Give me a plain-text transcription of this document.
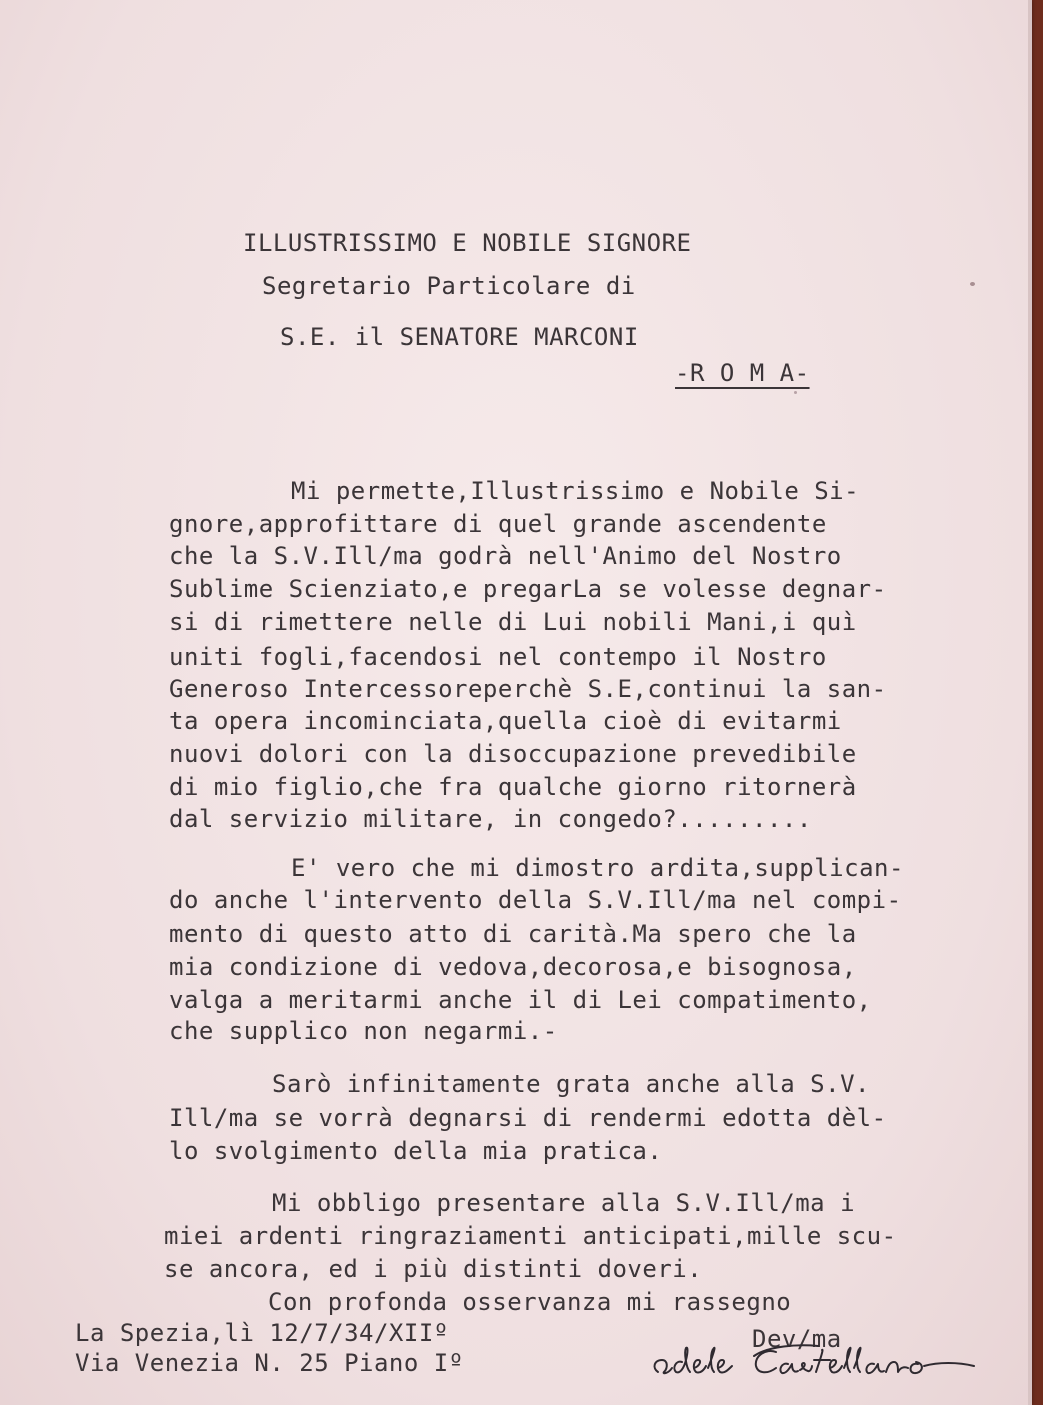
ILLUSTRISSIMO E NOBILE SIGNORE
Segretario Particolare di
S.E. il SENATORE MARCONI
-R O M A-
Mi permette,Illustrissimo e Nobile Si-
gnore,approfittare di quel grande ascendente
che la S.V.Ill/ma godrà nell'Animo del Nostro
Sublime Scienziato,e pregarLa se volesse degnar-
si di rimettere nelle di Lui nobili Mani,i quì
uniti fogli,facendosi nel contempo il Nostro
Generoso Intercessoreperchè S.E,continui la san-
ta opera incominciata,quella cioè di evitarmi
nuovi dolori con la disoccupazione prevedibile
di mio figlio,che fra qualche giorno ritornerà
dal servizio militare, in congedo?.........
E' vero che mi dimostro ardita,supplican-
do anche l'intervento della S.V.Ill/ma nel compi-
mento di questo atto di carità.Ma spero che la
mia condizione di vedova,decorosa,e bisognosa,
valga a meritarmi anche il di Lei compatimento,
che supplico non negarmi.-
Sarò infinitamente grata anche alla S.V.
Ill/ma se vorrà degnarsi di rendermi edotta dèl-
lo svolgimento della mia pratica.
Mi obbligo presentare alla S.V.Ill/ma i
miei ardenti ringraziamenti anticipati,mille scu-
se ancora, ed i più distinti doveri.
Con profonda osservanza mi rassegno
La Spezia,lì 12/7/34/XIIº
Via Venezia N. 25 Piano Iº
Dev/ma
